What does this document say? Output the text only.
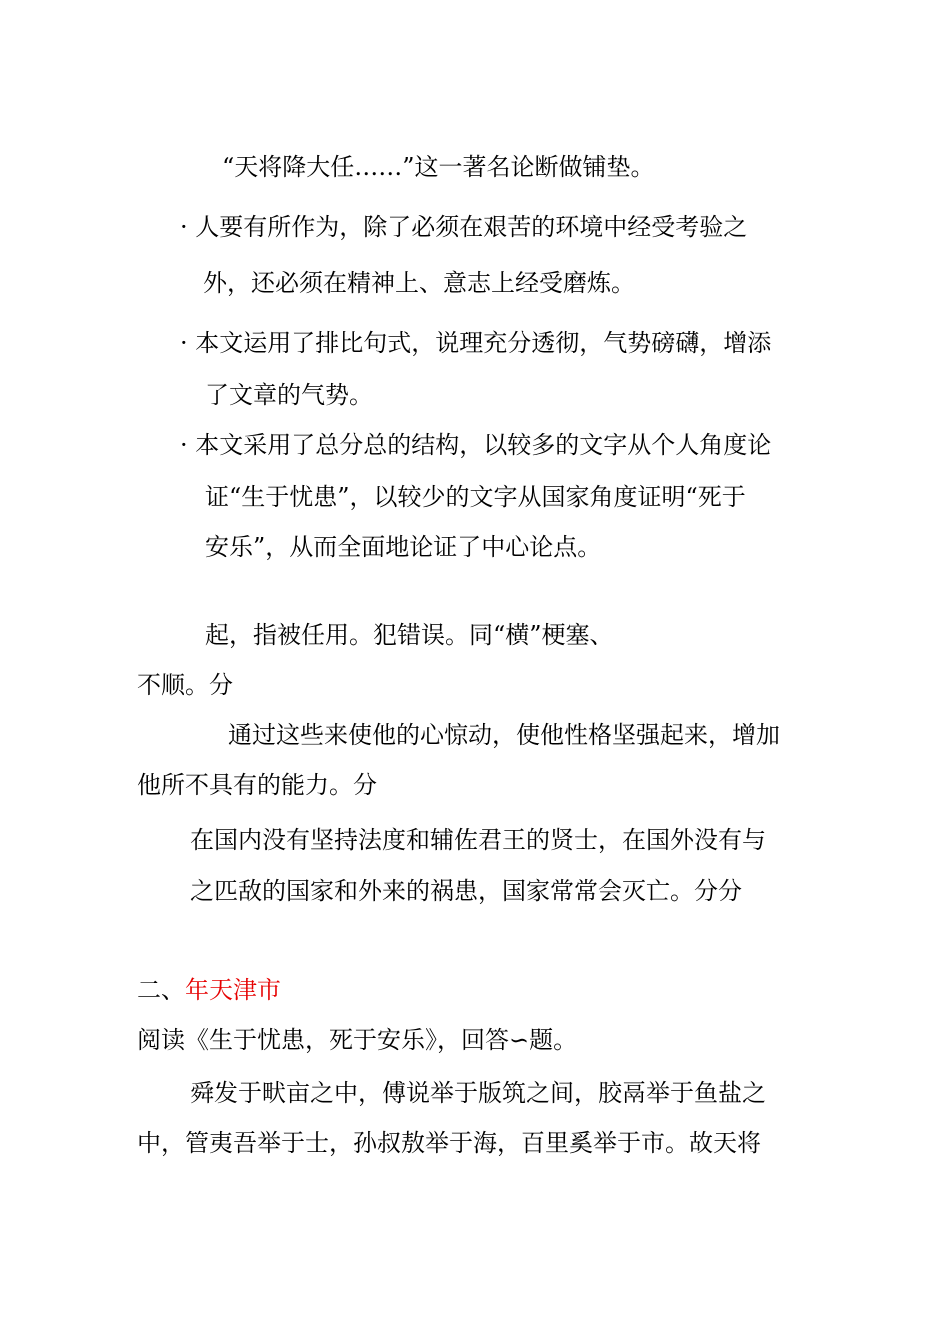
“天将降大任……”这一著名论断做铺垫。
· 人要有所作为，除了必须在艰苦的环境中经受考验之
外，还必须在精神上、意志上经受磨炼。
· 本文运用了排比句式，说理充分透彻，气势磅礴，增添
了文章的气势。
· 本文采用了总分总的结构，以较多的文字从个人角度论
证“生于忧患”，以较少的文字从国家角度证明“死于
安乐”，从而全面地论证了中心论点。
起，指被任用。犯错误。同“横”梗塞、
不顺。分
通过这些来使他的心惊动，使他性格坚强起来，增加
他所不具有的能力。分
在国内没有坚持法度和辅佐君王的贤士，在国外没有与
之匹敌的国家和外来的祸患，国家常常会灭亡。分分
二、年天津市
阅读《生于忧患，死于安乐》，回答∽题。
舜发于畎亩之中，傅说举于版筑之间，胶鬲举于鱼盐之
中，管夷吾举于士，孙叔敖举于海，百里奚举于市。故天将
